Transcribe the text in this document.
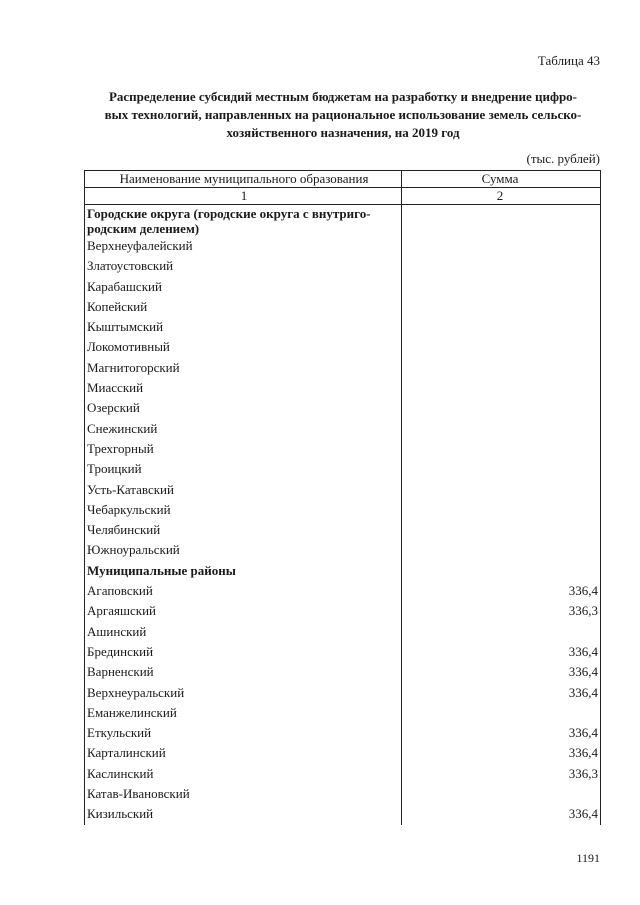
Таблица 43
Распределение субсидий местным бюджетам на разработку и внедрение цифро-
вых технологий, направленных на рациональное использование земель сельско-
хозяйственного назначения, на 2019 год
(тыс. рублей)
Наименование муниципального образования	Сумма
1	2
Городские округа (городские округа с внутриго-родским делением)
Верхнеуфалейский
Златоустовский
Карабашский
Копейский
Кыштымский
Локомотивный
Магнитогорский
Миасский
Озерский
Снежинский
Трехгорный
Троицкий
Усть-Катавский
Чебаркульский
Челябинский
Южноуральский
Муниципальные районы
Агаповский	336,4
Аргаяшский	336,3
Ашинский
Брединский	336,4
Варненский	336,4
Верхнеуральский	336,4
Еманжелинский
Еткульский	336,4
Карталинский	336,4
Каслинский	336,3
Катав-Ивановский
Кизильский	336,4
1191
